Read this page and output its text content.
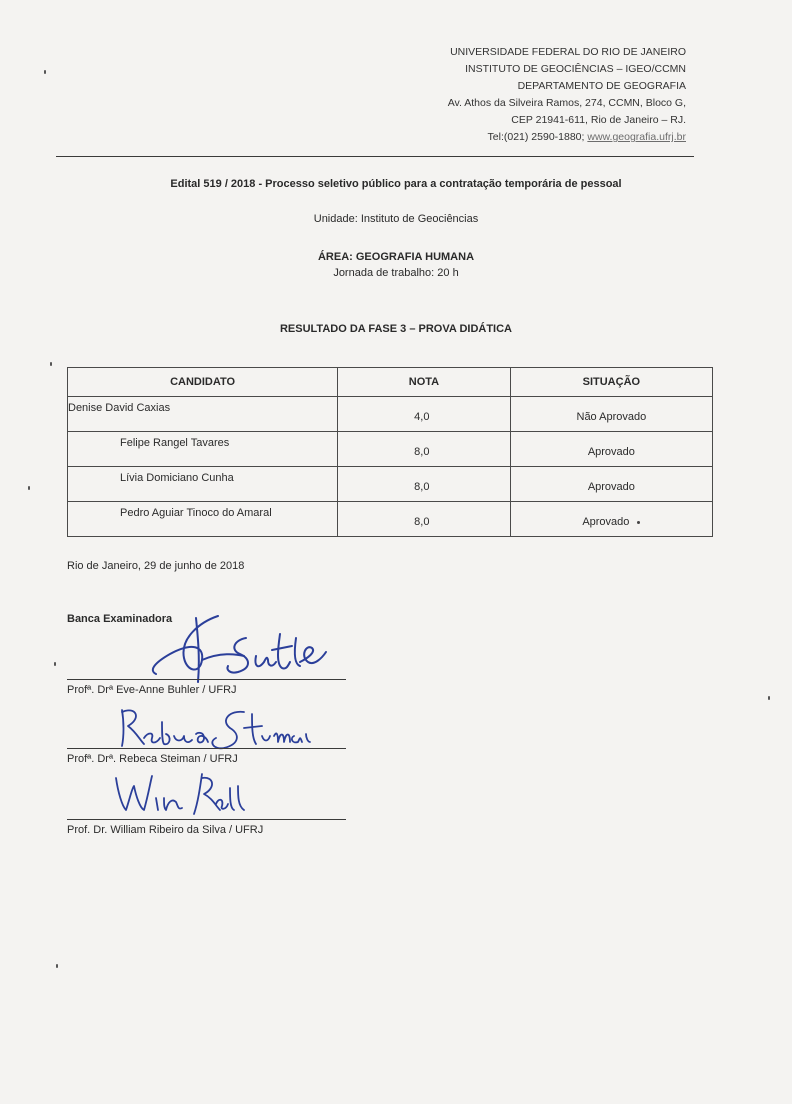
UNIVERSIDADE FEDERAL DO RIO DE JANEIRO
INSTITUTO DE GEOCIÊNCIAS – IGEO/CCMN
DEPARTAMENTO DE GEOGRAFIA
Av. Athos da Silveira Ramos, 274, CCMN, Bloco G,
CEP 21941-611, Rio de Janeiro – RJ.
Tel:(021) 2590-1880; www.geografia.ufrj.br
Edital 519 / 2018 - Processo seletivo público para a contratação temporária de pessoal
Unidade: Instituto de Geociências
ÁREA: GEOGRAFIA HUMANA
Jornada de trabalho: 20 h
RESULTADO DA FASE 3 – PROVA DIDÁTICA
CANDIDATO	NOTA	SITUAÇÃO
Denise David Caxias	4,0	Não Aprovado
Felipe Rangel Tavares	8,0	Aprovado
Lívia Domiciano Cunha	8,0	Aprovado
Pedro Aguiar Tinoco do Amaral	8,0	Aprovado
Rio de Janeiro, 29 de junho de 2018
Banca Examinadora
Profª. Drª Eve-Anne Buhler / UFRJ
Profª. Drª. Rebeca Steiman / UFRJ
Prof. Dr. William Ribeiro da Silva / UFRJ
